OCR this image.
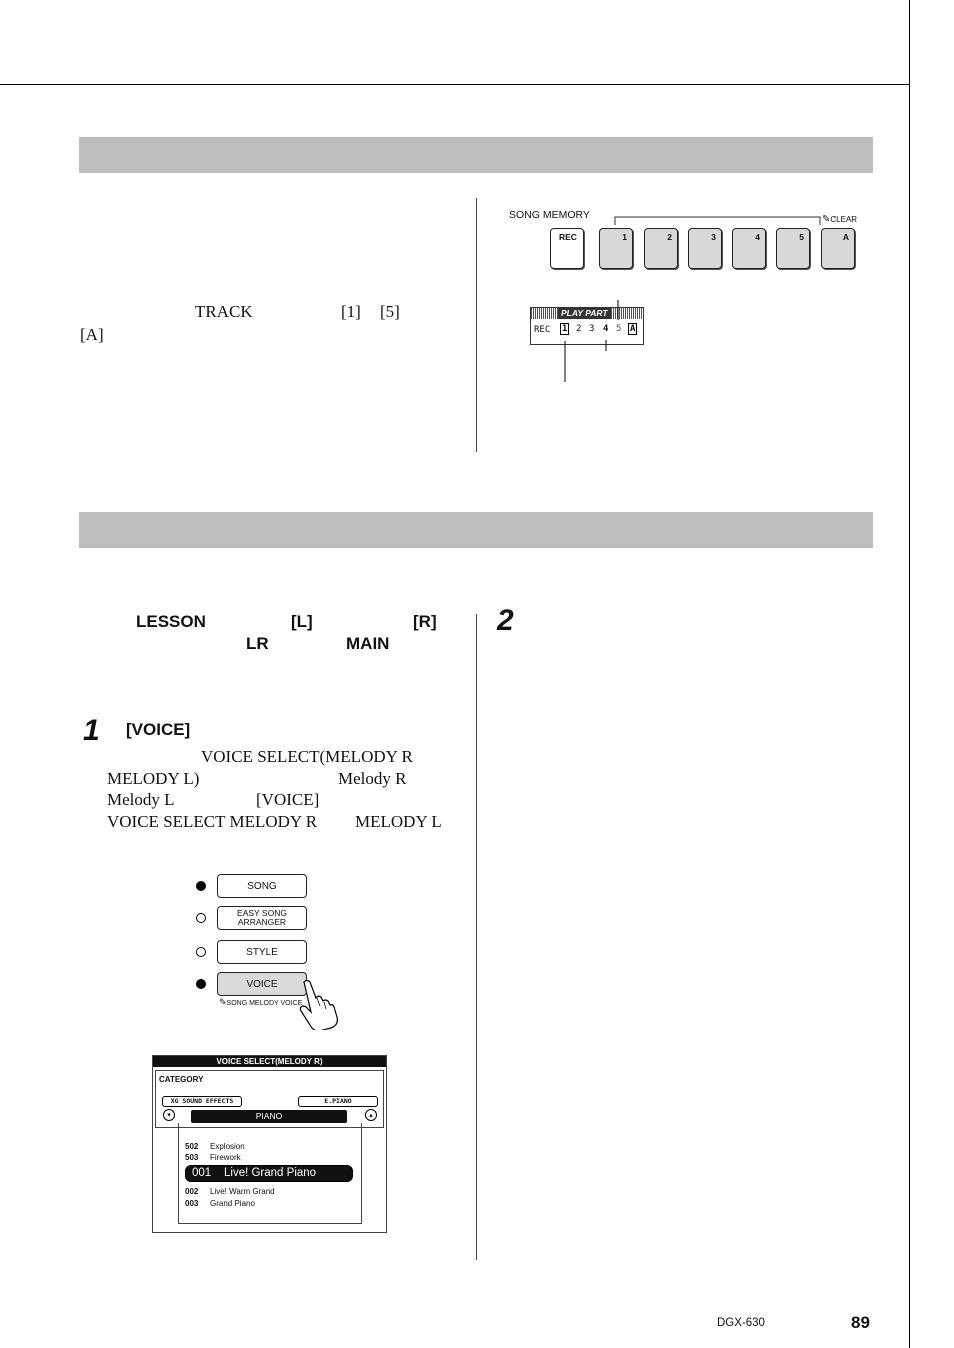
TRACK	[1] [5]
[A]
SONG MEMORY	✎CLEAR
REC	1	2	3	4	5	A
PLAY PART
REC 1 2 3 4 5 A
LESSON	[L]	[R]
LR	MAIN
1 [VOICE]
VOICE SELECT(MELODY R
MELODY L)	Melody R
Melody L	[VOICE]
VOICE SELECT MELODY R MELODY L
2
SONG
EASY SONG
ARRANGER
STYLE
VOICE
✎SONG MELODY VOICE
VOICE SELECT(MELODY R)
CATEGORY
XG SOUND EFFECTS	E.PIANO
▾	▴
PIANO
502 Explosion
503 Firework
001 Live! Grand Piano
002 Live! Warm Grand
003 Grand Piano
DGX-630	89
